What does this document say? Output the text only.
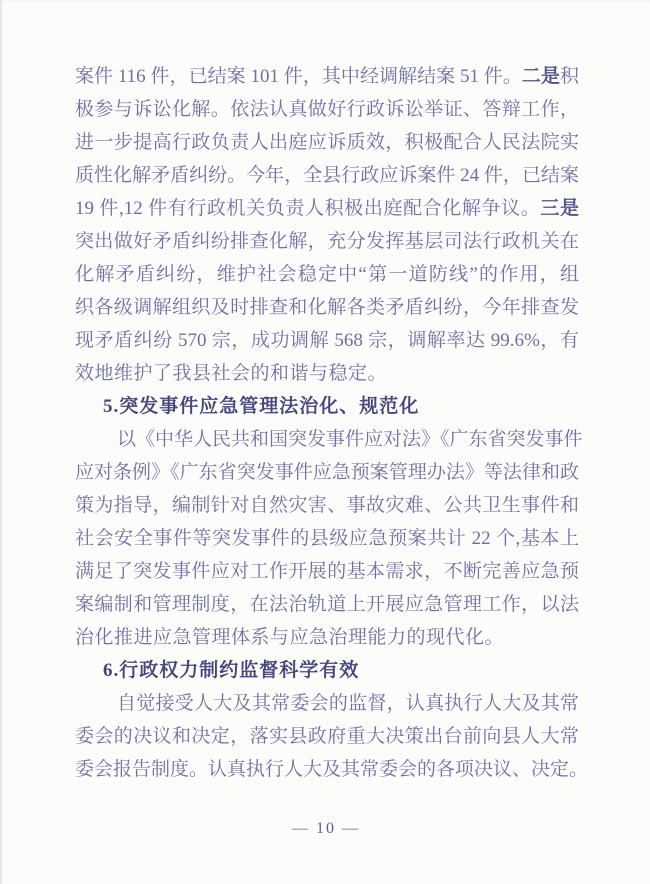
案件 116 件，已结案 101 件，其中经调解结案 51 件。二是积
极参与诉讼化解。依法认真做好行政诉讼举证、答辩工作，
进一步提高行政负责人出庭应诉质效，积极配合人民法院实
质性化解矛盾纠纷。今年，全县行政应诉案件 24 件，已结案
19 件,12 件有行政机关负责人积极出庭配合化解争议。三是
突出做好矛盾纠纷排查化解，充分发挥基层司法行政机关在
化解矛盾纠纷，维护社会稳定中“第一道防线”的作用，组
织各级调解组织及时排查和化解各类矛盾纠纷，今年排查发
现矛盾纠纷 570 宗，成功调解 568 宗，调解率达 99.6%，有
效地维护了我县社会的和谐与稳定。
5.突发事件应急管理法治化、规范化
以《中华人民共和国突发事件应对法》《广东省突发事件
应对条例》《广东省突发事件应急预案管理办法》等法律和政
策为指导，编制针对自然灾害、事故灾难、公共卫生事件和
社会安全事件等突发事件的县级应急预案共计 22 个,基本上
满足了突发事件应对工作开展的基本需求，不断完善应急预
案编制和管理制度，在法治轨道上开展应急管理工作，以法
治化推进应急管理体系与应急治理能力的现代化。
6.行政权力制约监督科学有效
自觉接受人大及其常委会的监督，认真执行人大及其常
委会的决议和决定，落实县政府重大决策出台前向县人大常
委会报告制度。认真执行人大及其常委会的各项决议、决定。
— 10 —
